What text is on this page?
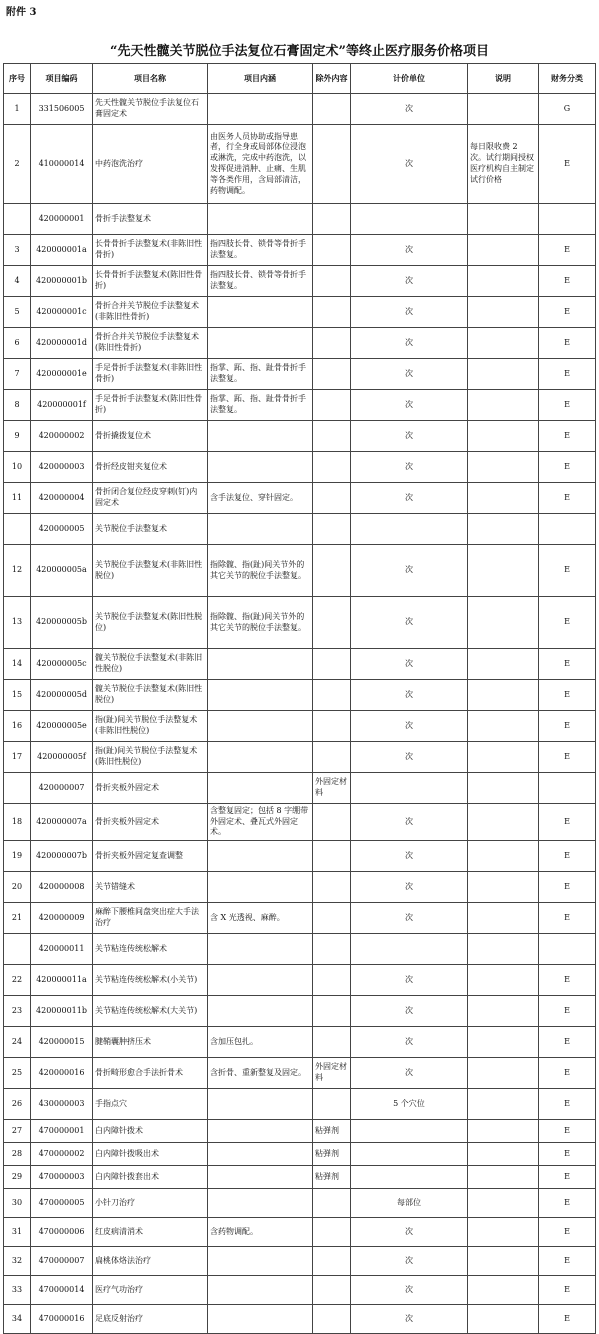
附件 3
“先天性髋关节脱位手法复位石膏固定术”等终止医疗服务价格项目
序号	项目编码	项目名称	项目内涵	除外内容	计价单位	说明	财务分类
1	331506005	先天性髋关节脱位手法复位石膏固定术			次		G
2	410000014	中药泡洗治疗	由医务人员协助或指导患者，行全身或局部体位浸泡或淋洗，完成中药泡洗，以发挥促进消肿、止痛、生肌等各类作用，含局部清洁，药物调配。		次	每日限收费 2 次。试行期间授权医疗机构自主制定试行价格	E
	420000001	骨折手法整复术					
3	420000001a	长骨骨折手法整复术(非陈旧性骨折)	指四肢长骨、锁骨等骨折手法整复。		次		E
4	420000001b	长骨骨折手法整复术(陈旧性骨折)	指四肢长骨、锁骨等骨折手法整复。		次		E
5	420000001c	骨折合并关节脱位手法整复术(非陈旧性骨折)			次		E
6	420000001d	骨折合并关节脱位手法整复术(陈旧性骨折)			次		E
7	420000001e	手足骨折手法整复术(非陈旧性骨折)	指掌、跖、指、趾骨骨折手法整复。		次		E
8	420000001f	手足骨折手法整复术(陈旧性骨折)	指掌、跖、指、趾骨骨折手法整复。		次		E
9	420000002	骨折撬拨复位术			次		E
10	420000003	骨折经皮钳夹复位术			次		E
11	420000004	骨折闭合复位经皮穿刺(钉)内固定术	含手法复位、穿针固定。		次		E
	420000005	关节脱位手法整复术					
12	420000005a	关节脱位手法整复术(非陈旧性脱位)	指除髋、指(趾)间关节外的其它关节的脱位手法整复。		次		E
13	420000005b	关节脱位手法整复术(陈旧性脱位)	指除髋、指(趾)间关节外的其它关节的脱位手法整复。		次		E
14	420000005c	髋关节脱位手法整复术(非陈旧性脱位)			次		E
15	420000005d	髋关节脱位手法整复术(陈旧性脱位)			次		E
16	420000005e	指(趾)间关节脱位手法整复术(非陈旧性脱位)			次		E
17	420000005f	指(趾)间关节脱位手法整复术(陈旧性脱位)			次		E
	420000007	骨折夹板外固定术		外固定材料			
18	420000007a	骨折夹板外固定术	含整复固定；包括 8 字绷带外固定术、叠瓦式外固定术。		次		E
19	420000007b	骨折夹板外固定复查调整			次		E
20	420000008	关节错缝术			次		E
21	420000009	麻醉下腰椎间盘突出症大手法治疗	含 X 光透视、麻醉。		次		E
	420000011	关节粘连传统松解术					
22	420000011a	关节粘连传统松解术(小关节)			次		E
23	420000011b	关节粘连传统松解术(大关节)			次		E
24	420000015	腱鞘囊肿挤压术	含加压包扎。		次		E
25	420000016	骨折畸形愈合手法折骨术	含折骨、重新整复及固定。	外固定材料	次		E
26	430000003	手指点穴			5 个穴位		E
27	470000001	白内障针拨术		粘弹剂			E
28	470000002	白内障针拨吸出术		粘弹剂			E
29	470000003	白内障针拨套出术		粘弹剂			E
30	470000005	小针刀治疗			每部位		E
31	470000006	红皮病清消术	含药物调配。		次		E
32	470000007	扁桃体烙法治疗			次		E
33	470000014	医疗气功治疗			次		E
34	470000016	足底反射治疗			次		E
